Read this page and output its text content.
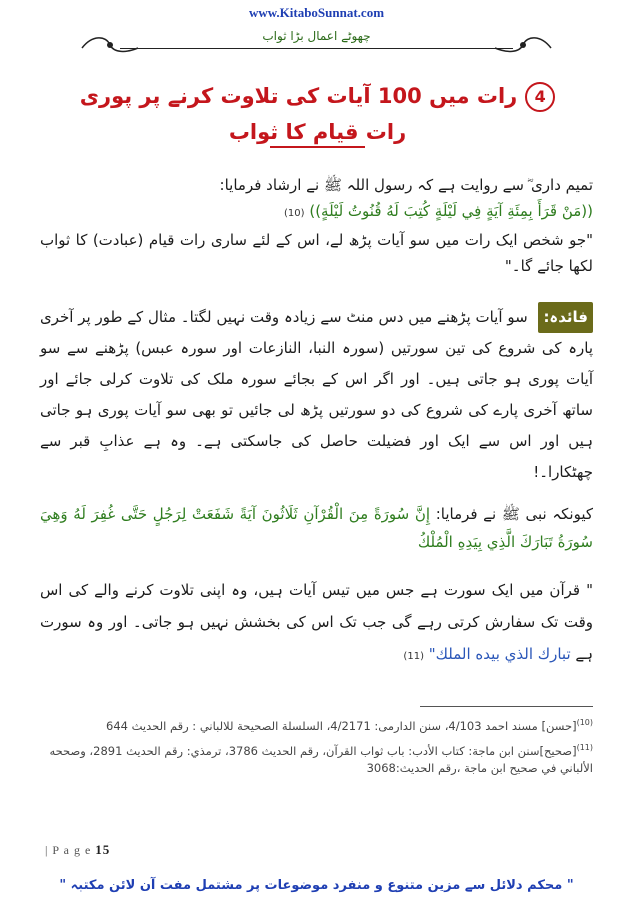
www.KitaboSunnat.com
چھوٹے اعمال بڑا ثواب
4رات میں 100 آیات کی تلاوت کرنے پر پوری رات قیام کا ثواب
تمیم داری ؓ سے روایت ہے کہ رسول اللہ ﷺ نے ارشاد فرمایا:
((مَنْ قَرَأَ بِمِئَةِ آيَةٍ فِي لَيْلَةٍ كُتِبَ لَهُ قُنُوتُ لَيْلَةٍ)) (10)
"جو شخص ایک رات میں سو آیات پڑھ لے، اس کے لئے ساری رات قیام (عبادت) کا ثواب لکھا جائے گا۔"
فائدہ: سو آیات پڑھنے میں دس منٹ سے زیادہ وقت نہیں لگتا۔ مثال کے طور پر آخری پارہ کی شروع کی تین سورتیں (سورہ النبا، النازعات اور سورہ عبس) پڑھنے سے سو آیات پوری ہو جاتی ہیں۔ اور اگر اس کے بجائے سورہ ملک کی تلاوت کرلی جائے اور ساتھ آخری پارے کی شروع کی دو سورتیں پڑھ لی جائیں تو بھی سو آیات پوری ہو جاتی ہیں اور اس سے ایک اور فضیلت حاصل کی جاسکتی ہے۔ وہ ہے عذابِ قبر سے چھٹکارا۔!
کیونکہ نبی ﷺ نے فرمایا: إِنَّ سُورَةً مِنَ الْقُرْآنِ ثَلَاثُونَ آيَةً شَفَعَتْ لِرَجُلٍ حَتَّى غُفِرَ لَهُ وَهِيَ سُورَةُ تَبَارَكَ الَّذِي بِيَدِهِ الْمُلْكُ
" قرآن میں ایک سورت ہے جس میں تیس آیات ہیں، وہ اپنی تلاوت کرنے والے کی اس وقت تک سفارش کرتی رہے گی جب تک اس کی بخشش نہیں ہو جاتی۔ اور وہ سورت ہے تبارك الذي بيده الملك" (11)
$^{(10)}$[حسن] مسند احمد 4/103، سنن الدارمی: 4/2171، السلسلة الصحيحة للالباني : رقم الحديث 644
$^{(11)}$[صحيح]سنن ابن ماجة: كتاب الأدب: باب ثواب القرآن، رقم الحديث 3786، ترمذي: رقم الحديث 2891، وصححه الألباني في صحيح ابن ماجة ،رقم الحديث:3068
| P a g e 15
" محکم دلائل سے مزین متنوع و منفرد موضوعات پر مشتمل مفت آن لائن مکتبہ "
